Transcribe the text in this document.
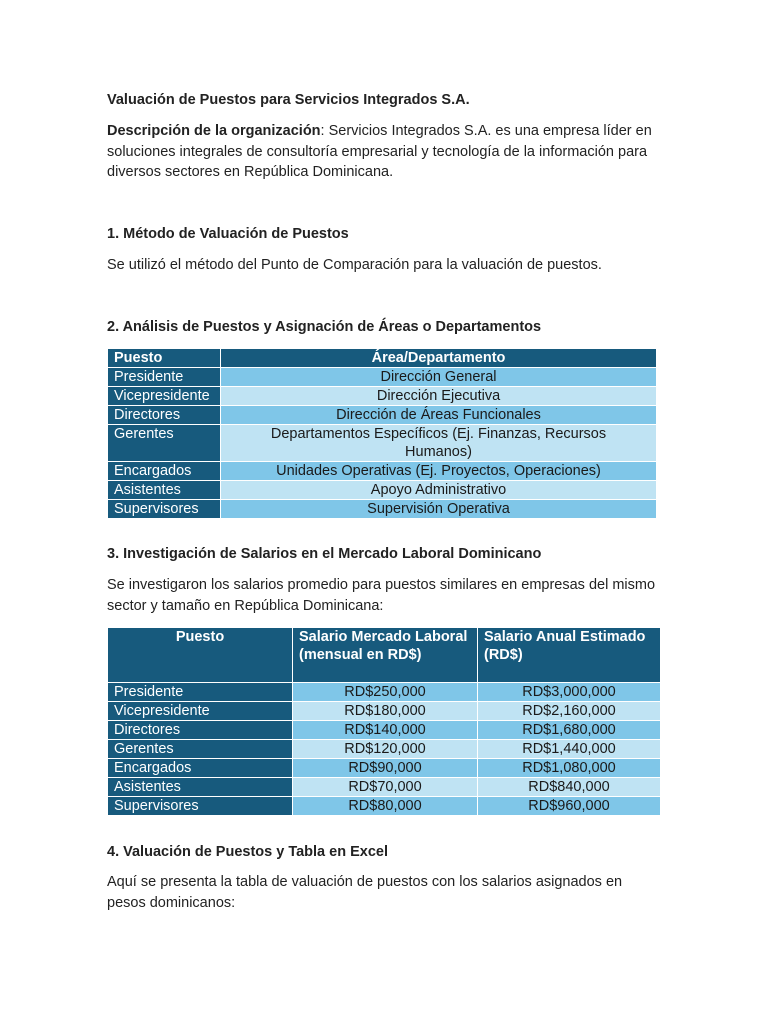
Valuación de Puestos para Servicios Integrados S.A.
Descripción de la organización: Servicios Integrados S.A. es una empresa líder en soluciones integrales de consultoría empresarial y tecnología de la información para diversos sectores en República Dominicana.
1. Método de Valuación de Puestos
Se utilizó el método del Punto de Comparación para la valuación de puestos.
2. Análisis de Puestos y Asignación de Áreas o Departamentos
Puesto	Área/Departamento
Presidente	Dirección General
Vicepresidente	Dirección Ejecutiva
Directores	Dirección de Áreas Funcionales
Gerentes	Departamentos Específicos (Ej. Finanzas, Recursos Humanos)
Encargados	Unidades Operativas (Ej. Proyectos, Operaciones)
Asistentes	Apoyo Administrativo
Supervisores	Supervisión Operativa
3. Investigación de Salarios en el Mercado Laboral Dominicano
Se investigaron los salarios promedio para puestos similares en empresas del mismo sector y tamaño en República Dominicana:
Puesto	Salario Mercado Laboral (mensual en RD$)	Salario Anual Estimado (RD$)
Presidente	RD$250,000	RD$3,000,000
Vicepresidente	RD$180,000	RD$2,160,000
Directores	RD$140,000	RD$1,680,000
Gerentes	RD$120,000	RD$1,440,000
Encargados	RD$90,000	RD$1,080,000
Asistentes	RD$70,000	RD$840,000
Supervisores	RD$80,000	RD$960,000
4. Valuación de Puestos y Tabla en Excel
Aquí se presenta la tabla de valuación de puestos con los salarios asignados en pesos dominicanos:
